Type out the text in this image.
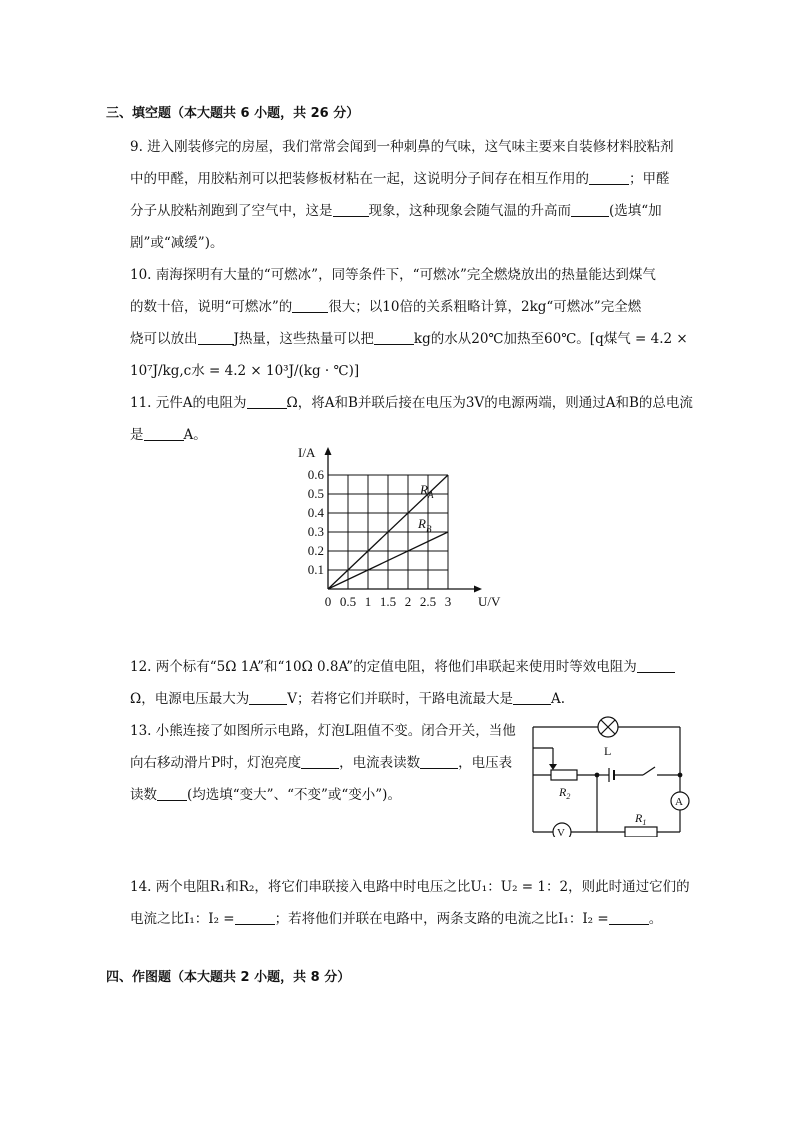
三、填空题（本大题共 6 小题，共 26 分）
9. 进入刚装修完的房屋，我们常常会闻到一种刺鼻的气味，这气味主要来自装修材料胶粘剂
中的甲醛，用胶粘剂可以把装修板材粘在一起，这说明分子间存在相互作用的	；甲醛
分子从胶粘剂跑到了空气中，这是	现象，这种现象会随气温的升高而	(选填“加
剧”或“减缓”)。
10. 南海探明有大量的“可燃冰”，同等条件下，“可燃冰”完全燃烧放出的热量能达到煤气
的数十倍，说明“可燃冰”的	很大；以10倍的关系粗略计算，2kg“可燃冰”完全燃
烧可以放出	J热量，这些热量可以把	kg的水从20℃加热至60℃。[q煤气 = 4.2 ×
10⁷J/kg,c水 = 4.2 × 10³J/(kg · ℃)]
11. 元件A的电阻为	Ω，将A和B并联后接在电压为3V的电源两端，则通过A和B的总电流
是	A。
0 0.5 1 1.5 2 2.5 3
0.1
0.2
0.3
0.4
0.5
0.6
U/V
I/A
$R_A$
$R_B$
12. 两个标有“5Ω 1A”和“10Ω 0.8A”的定值电阻，将他们串联起来使用时等效电阻为
Ω，电源电压最大为	V；若将它们并联时，干路电流最大是	A.
13. 小熊连接了如图所示电路，灯泡L阻值不变。闭合开关，当他
向右移动滑片P时，灯泡亮度	，电流表读数	，电压表
读数 (均选填“变大”、“不变”或“变小”)。
L
$R_2$	A
V
$R_1$
14. 两个电阻R₁和R₂，将它们串联接入电路中时电压之比U₁：U₂ = 1：2，则此时通过它们的
电流之比I₁：I₂ =	；若将他们并联在电路中，两条支路的电流之比I₁：I₂ =	。
四、作图题（本大题共 2 小题，共 8 分）
